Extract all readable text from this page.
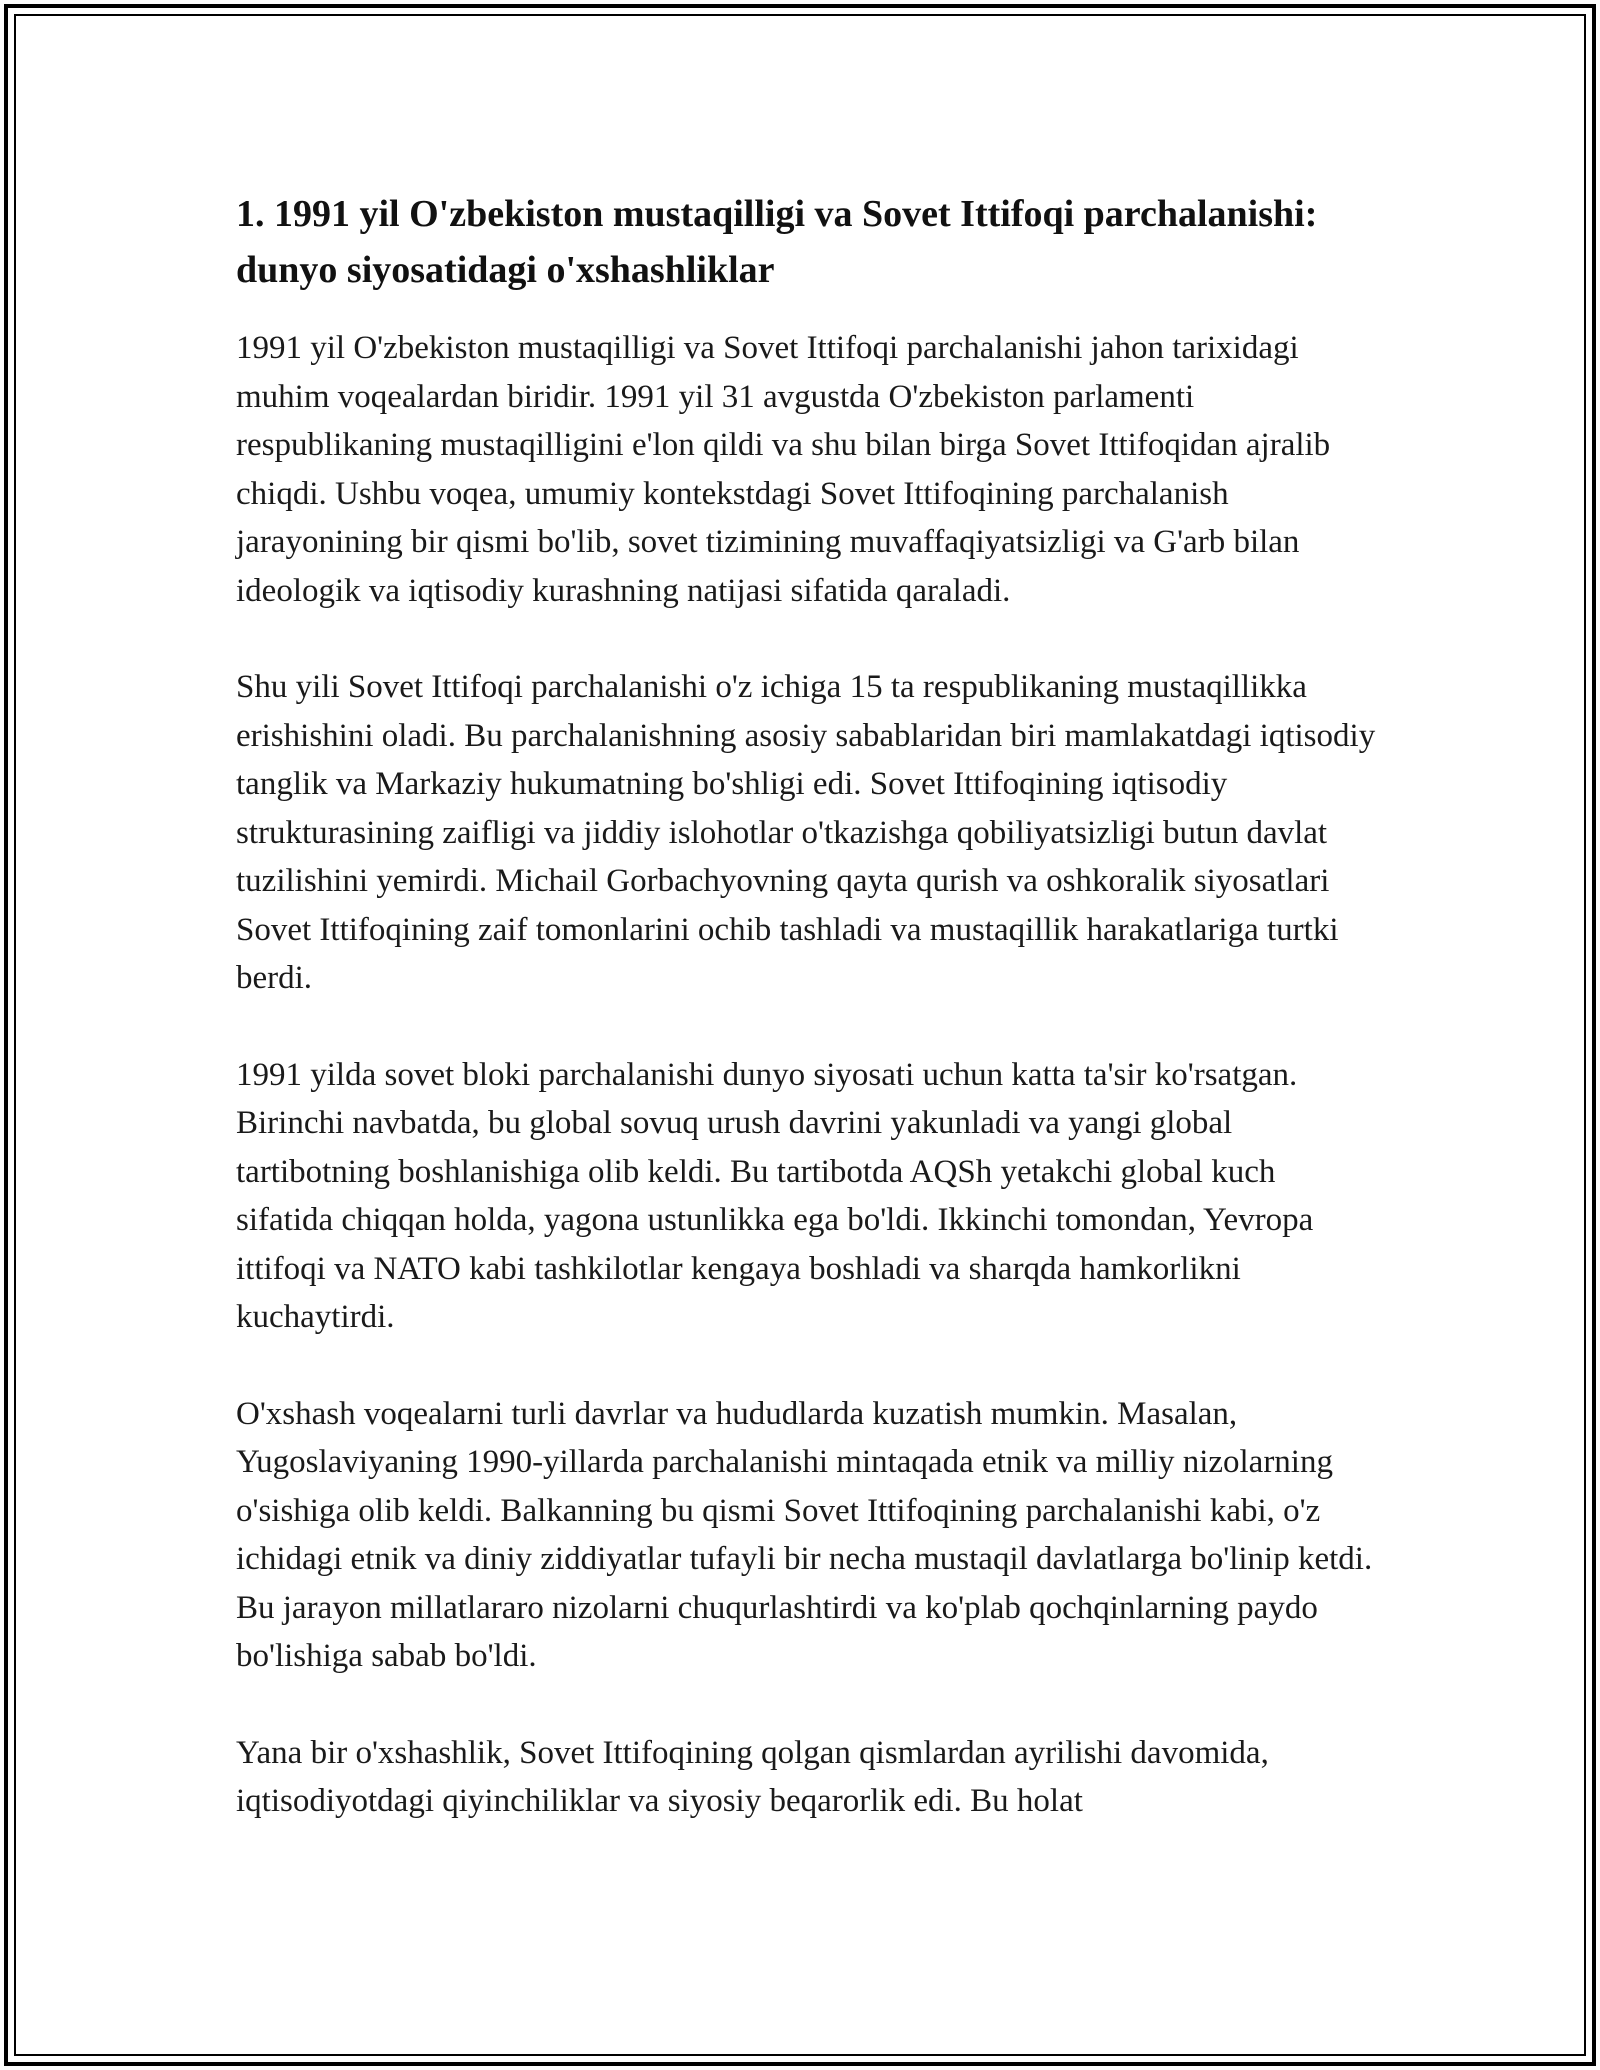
1. 1991 yil O'zbekiston mustaqilligi va Sovet Ittifoqi parchalanishi: dunyo siyosatidagi o'xshashliklar

1991 yil O'zbekiston mustaqilligi va Sovet Ittifoqi parchalanishi jahon tarixidagi muhim voqealardan biridir. 1991 yil 31 avgustda O'zbekiston parlamenti respublikaning mustaqilligini e'lon qildi va shu bilan birga Sovet Ittifoqidan ajralib chiqdi. Ushbu voqea, umumiy kontekstdagi Sovet Ittifoqining parchalanish jarayonining bir qismi bo'lib, sovet tizimining muvaffaqiyatsizligi va G'arb bilan ideologik va iqtisodiy kurashning natijasi sifatida qaraladi.

Shu yili Sovet Ittifoqi parchalanishi o'z ichiga 15 ta respublikaning mustaqillikka erishishini oladi. Bu parchalanishning asosiy sabablaridan biri mamlakatdagi iqtisodiy tanglik va Markaziy hukumatning bo'shligi edi. Sovet Ittifoqining iqtisodiy strukturasining zaifligi va jiddiy islohotlar o'tkazishga qobiliyatsizligi butun davlat tuzilishini yemirdi. Michail Gorbachyovning qayta qurish va oshkoralik siyosatlari Sovet Ittifoqining zaif tomonlarini ochib tashladi va mustaqillik harakatlariga turtki berdi.

1991 yilda sovet bloki parchalanishi dunyo siyosati uchun katta ta'sir ko'rsatgan. Birinchi navbatda, bu global sovuq urush davrini yakunladi va yangi global tartibotning boshlanishiga olib keldi. Bu tartibotda AQSh yetakchi global kuch sifatida chiqqan holda, yagona ustunlikka ega bo'ldi. Ikkinchi tomondan, Yevropa ittifoqi va NATO kabi tashkilotlar kengaya boshladi va sharqda hamkorlikni kuchaytirdi.

O'xshash voqealarni turli davrlar va hududlarda kuzatish mumkin. Masalan, Yugoslaviyaning 1990-yillarda parchalanishi mintaqada etnik va milliy nizolarning o'sishiga olib keldi. Balkanning bu qismi Sovet Ittifoqining parchalanishi kabi, o'z ichidagi etnik va diniy ziddiyatlar tufayli bir necha mustaqil davlatlarga bo'linip ketdi. Bu jarayon millatlararo nizolarni chuqurlashtirdi va ko'plab qochqinlarning paydo bo'lishiga sabab bo'ldi.

Yana bir o'xshashlik, Sovet Ittifoqining qolgan qismlardan ayrilishi davomida, iqtisodiyotdagi qiyinchiliklar va siyosiy beqarorlik edi. Bu holat
